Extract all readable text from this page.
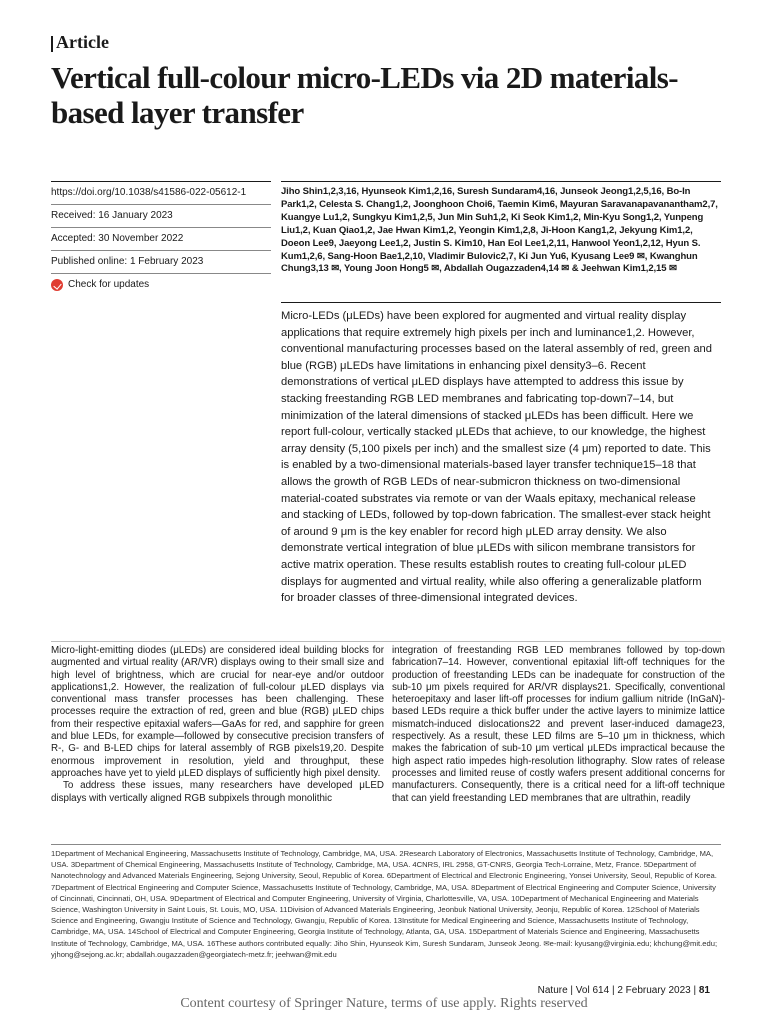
Article
Vertical full-colour micro-LEDs via 2D materials-based layer transfer
https://doi.org/10.1038/s41586-022-05612-1
Received: 16 January 2023
Accepted: 30 November 2022
Published online: 1 February 2023
Check for updates
Jiho Shin1,2,3,16, Hyunseok Kim1,2,16, Suresh Sundaram4,16, Junseok Jeong1,2,5,16, Bo-In Park1,2, Celesta S. Chang1,2, Joonghoon Choi6, Taemin Kim6, Mayuran Saravanapavanantham2,7, Kuangye Lu1,2, Sungkyu Kim1,2,5, Jun Min Suh1,2, Ki Seok Kim1,2, Min-Kyu Song1,2, Yunpeng Liu1,2, Kuan Qiao1,2, Jae Hwan Kim1,2, Yeongin Kim1,2,8, Ji-Hoon Kang1,2, Jekyung Kim1,2, Doeon Lee9, Jaeyong Lee1,2, Justin S. Kim10, Han Eol Lee1,2,11, Hanwool Yeon1,2,12, Hyun S. Kum1,2,6, Sang-Hoon Bae1,2,10, Vladimir Bulovic2,7, Ki Jun Yu6, Kyusang Lee9 ✉, Kwanghun Chung3,13 ✉, Young Joon Hong5 ✉, Abdallah Ougazzaden4,14 ✉ & Jeehwan Kim1,2,15 ✉
Micro-LEDs (μLEDs) have been explored for augmented and virtual reality display applications that require extremely high pixels per inch and luminance1,2. However, conventional manufacturing processes based on the lateral assembly of red, green and blue (RGB) μLEDs have limitations in enhancing pixel density3–6. Recent demonstrations of vertical μLED displays have attempted to address this issue by stacking freestanding RGB LED membranes and fabricating top-down7–14, but minimization of the lateral dimensions of stacked μLEDs has been difficult. Here we report full-colour, vertically stacked μLEDs that achieve, to our knowledge, the highest array density (5,100 pixels per inch) and the smallest size (4 μm) reported to date. This is enabled by a two-dimensional materials-based layer transfer technique15–18 that allows the growth of RGB LEDs of near-submicron thickness on two-dimensional material-coated substrates via remote or van der Waals epitaxy, mechanical release and stacking of LEDs, followed by top-down fabrication. The smallest-ever stack height of around 9 μm is the key enabler for record high μLED array density. We also demonstrate vertical integration of blue μLEDs with silicon membrane transistors for active matrix operation. These results establish routes to creating full-colour μLED displays for augmented and virtual reality, while also offering a generalizable platform for broader classes of three-dimensional integrated devices.

Micro-light-emitting diodes (μLEDs) are considered ideal building blocks for augmented and virtual reality (AR/VR) displays owing to their small size and high level of brightness, which are crucial for near-eye and/or outdoor applications1,2. However, the realization of full-colour μLED displays via conventional mass transfer processes has been challenging. These processes require the extraction of red, green and blue (RGB) μLED chips from their respective epitaxial wafers—GaAs for red, and sapphire for green and blue LEDs, for example—followed by consecutive precision transfers of R-, G- and B-LED chips for lateral assembly of RGB pixels19,20. Despite enormous improvement in resolution, yield and throughput, these approaches have yet to yield μLED displays of sufficiently high pixel density.

To address these issues, many researchers have developed μLED displays with vertically aligned RGB subpixels through monolithic

integration of freestanding RGB LED membranes followed by top-down fabrication7–14. However, conventional epitaxial lift-off techniques for the production of freestanding LEDs can be inadequate for construction of the sub-10 μm pixels required for AR/VR displays21. Specifically, conventional heteroepitaxy and laser lift-off processes for indium gallium nitride (InGaN)-based LEDs require a thick buffer under the active layers to minimize lattice mismatch-induced dislocations22 and prevent laser-induced damage23, respectively. As a result, these LED films are 5–10 μm in thickness, which makes the fabrication of sub-10 μm vertical μLEDs impractical because the high aspect ratio impedes high-resolution lithography. Slow rates of release processes and limited reuse of costly wafers present additional concerns for manufacturers. Consequently, there is a critical need for a lift-off technique that can yield freestanding LED membranes that are ultrathin, readily

1Department of Mechanical Engineering, Massachusetts Institute of Technology, Cambridge, MA, USA. 2Research Laboratory of Electronics, Massachusetts Institute of Technology, Cambridge, MA, USA. 3Department of Chemical Engineering, Massachusetts Institute of Technology, Cambridge, MA, USA. 4CNRS, IRL 2958, GT-CNRS, Georgia Tech-Lorraine, Metz, France. 5Department of Nanotechnology and Advanced Materials Engineering, Sejong University, Seoul, Republic of Korea. 6Department of Electrical and Electronic Engineering, Yonsei University, Seoul, Republic of Korea. 7Department of Electrical Engineering and Computer Science, Massachusetts Institute of Technology, Cambridge, MA, USA. 8Department of Electrical Engineering and Computer Science, University of Cincinnati, Cincinnati, OH, USA. 9Department of Electrical and Computer Engineering, University of Virginia, Charlottesville, VA, USA. 10Department of Mechanical Engineering and Materials Science, Washington University in Saint Louis, St. Louis, MO, USA. 11Division of Advanced Materials Engineering, Jeonbuk National University, Jeonju, Republic of Korea. 12School of Materials Science and Engineering, Gwangju Institute of Science and Technology, Gwangju, Republic of Korea. 13Institute for Medical Engineering and Science, Massachusetts Institute of Technology, Cambridge, MA, USA. 14School of Electrical and Computer Engineering, Georgia Institute of Technology, Atlanta, GA, USA. 15Department of Materials Science and Engineering, Massachusetts Institute of Technology, Cambridge, MA, USA. 16These authors contributed equally: Jiho Shin, Hyunseok Kim, Suresh Sundaram, Junseok Jeong. ✉e-mail: kyusang@virginia.edu; khchung@mit.edu; yjhong@sejong.ac.kr; abdallah.ougazzaden@georgiatech-metz.fr; jeehwan@mit.edu
Nature | Vol 614 | 2 February 2023 | 81
Content courtesy of Springer Nature, terms of use apply. Rights reserved
